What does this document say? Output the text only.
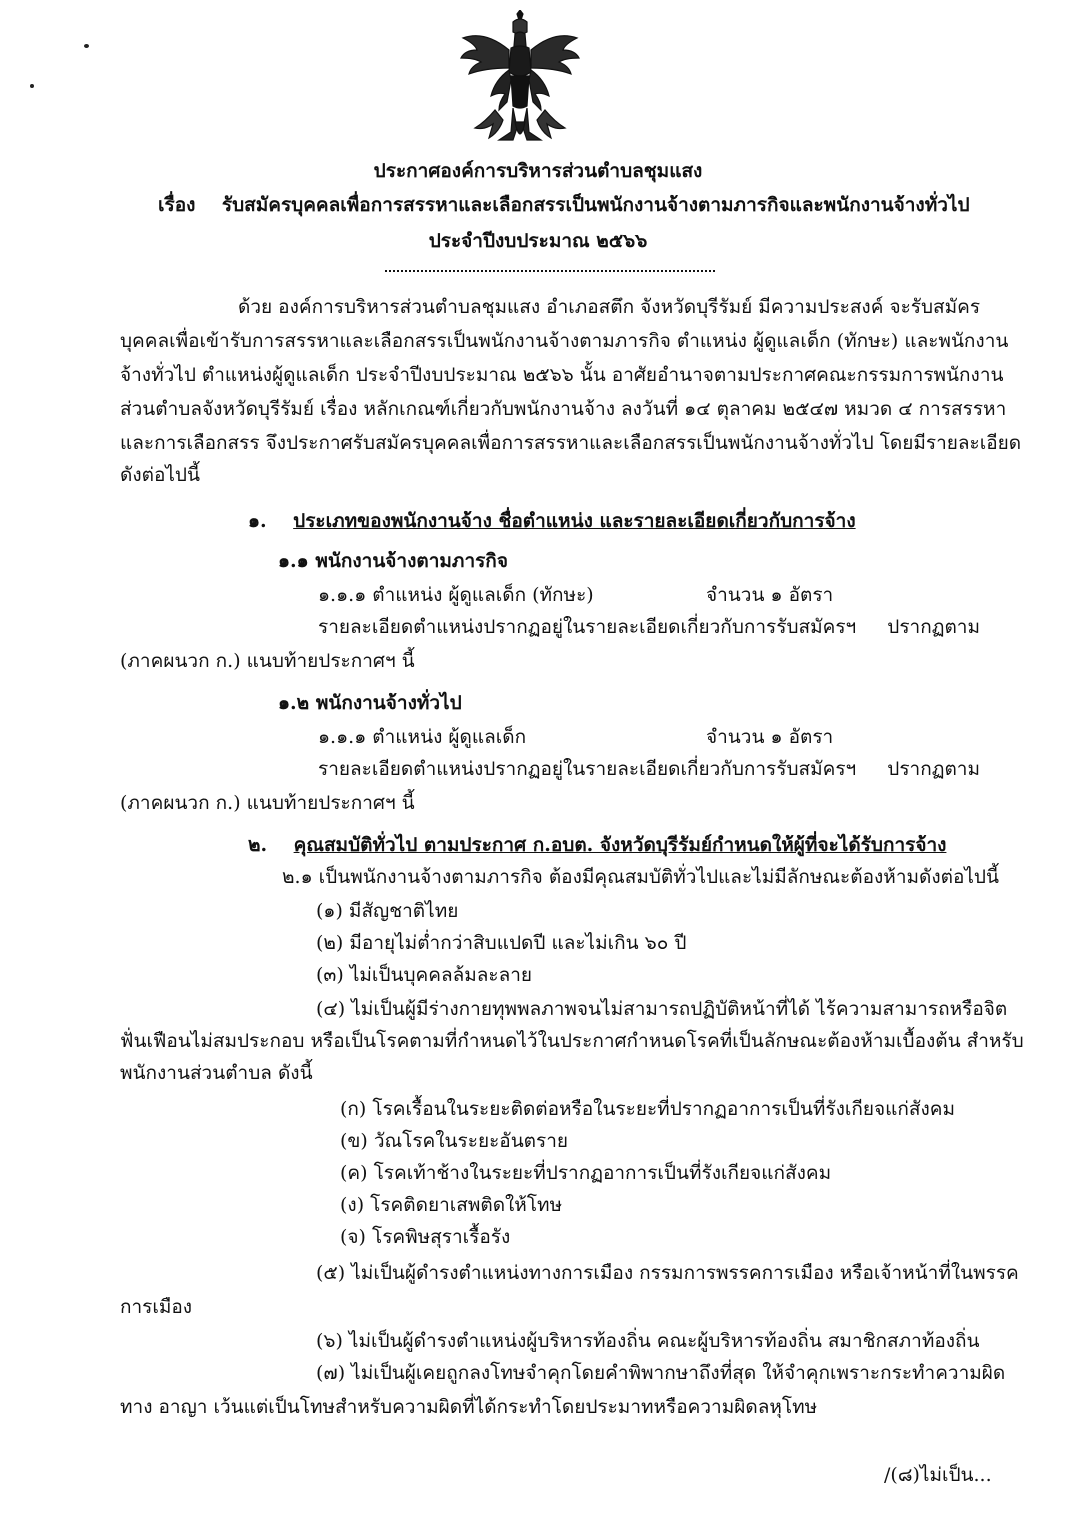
ประกาศองค์การบริหารส่วนตำบลชุมแสง
เรื่อง รับสมัครบุคคลเพื่อการสรรหาและเลือกสรรเป็นพนักงานจ้างตามภารกิจและพนักงานจ้างทั่วไป
ประจำปีงบประมาณ ๒๕๖๖
ด้วย องค์การบริหารส่วนตำบลชุมแสง อำเภอสตึก จังหวัดบุรีรัมย์ มีความประสงค์ จะรับสมัคร
บุคคลเพื่อเข้ารับการสรรหาและเลือกสรรเป็นพนักงานจ้างตามภารกิจ ตำแหน่ง ผู้ดูแลเด็ก (ทักษะ) และพนักงาน
จ้างทั่วไป ตำแหน่งผู้ดูแลเด็ก ประจำปีงบประมาณ ๒๕๖๖ นั้น อาศัยอำนาจตามประกาศคณะกรรมการพนักงาน
ส่วนตำบลจังหวัดบุรีรัมย์ เรื่อง หลักเกณฑ์เกี่ยวกับพนักงานจ้าง ลงวันที่ ๑๔ ตุลาคม ๒๕๔๗ หมวด ๔ การสรรหา
และการเลือกสรร จึงประกาศรับสมัครบุคคลเพื่อการสรรหาและเลือกสรรเป็นพนักงานจ้างทั่วไป โดยมีรายละเอียด
ดังต่อไปนี้
๑. ประเภทของพนักงานจ้าง ชื่อตำแหน่ง และรายละเอียดเกี่ยวกับการจ้าง
๑.๑ พนักงานจ้างตามภารกิจ
๑.๑.๑ ตำแหน่ง ผู้ดูแลเด็ก (ทักษะ)	จำนวน ๑ อัตรา
รายละเอียดตำแหน่งปรากฏอยู่ในรายละเอียดเกี่ยวกับการรับสมัครฯ ปรากฏตาม
(ภาคผนวก ก.) แนบท้ายประกาศฯ นี้
๑.๒ พนักงานจ้างทั่วไป
๑.๑.๑ ตำแหน่ง ผู้ดูแลเด็ก	จำนวน ๑ อัตรา
รายละเอียดตำแหน่งปรากฏอยู่ในรายละเอียดเกี่ยวกับการรับสมัครฯ ปรากฏตาม
(ภาคผนวก ก.) แนบท้ายประกาศฯ นี้
๒. คุณสมบัติทั่วไป ตามประกาศ ก.อบต. จังหวัดบุรีรัมย์กำหนดให้ผู้ที่จะได้รับการจ้าง
๒.๑ เป็นพนักงานจ้างตามภารกิจ ต้องมีคุณสมบัติทั่วไปและไม่มีลักษณะต้องห้ามดังต่อไปนี้
(๑) มีสัญชาติไทย
(๒) มีอายุไม่ต่ำกว่าสิบแปดปี และไม่เกิน ๖๐ ปี
(๓) ไม่เป็นบุคคลล้มละลาย
(๔) ไม่เป็นผู้มีร่างกายทุพพลภาพจนไม่สามารถปฏิบัติหน้าที่ได้ ไร้ความสามารถหรือจิต
ฟั่นเฟือนไม่สมประกอบ หรือเป็นโรคตามที่กำหนดไว้ในประกาศกำหนดโรคที่เป็นลักษณะต้องห้ามเบื้องต้น สำหรับ
พนักงานส่วนตำบล ดังนี้
(ก) โรคเรื้อนในระยะติดต่อหรือในระยะที่ปรากฏอาการเป็นที่รังเกียจแก่สังคม
(ข) วัณโรคในระยะอันตราย
(ค) โรคเท้าช้างในระยะที่ปรากฏอาการเป็นที่รังเกียจแก่สังคม
(ง) โรคติดยาเสพติดให้โทษ
(จ) โรคพิษสุราเรื้อรัง
(๕) ไม่เป็นผู้ดำรงตำแหน่งทางการเมือง กรรมการพรรคการเมือง หรือเจ้าหน้าที่ในพรรค
การเมือง
(๖) ไม่เป็นผู้ดำรงตำแหน่งผู้บริหารท้องถิ่น คณะผู้บริหารท้องถิ่น สมาชิกสภาท้องถิ่น
(๗) ไม่เป็นผู้เคยถูกลงโทษจำคุกโดยคำพิพากษาถึงที่สุด ให้จำคุกเพราะกระทำความผิด
ทาง อาญา เว้นแต่เป็นโทษสำหรับความผิดที่ได้กระทำโดยประมาทหรือความผิดลหุโทษ
/(๘)ไม่เป็น...
